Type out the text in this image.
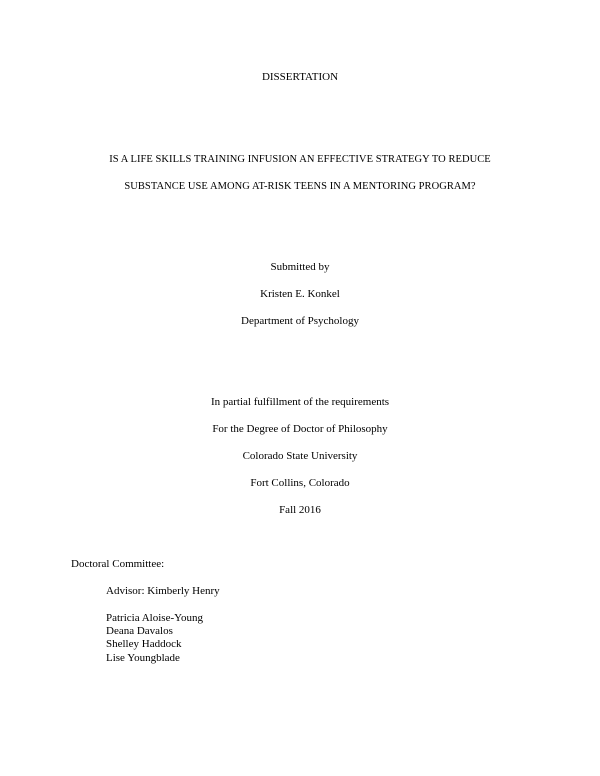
DISSERTATION
IS A LIFE SKILLS TRAINING INFUSION AN EFFECTIVE STRATEGY TO REDUCE
SUBSTANCE USE AMONG AT-RISK TEENS IN A MENTORING PROGRAM?
Submitted by
Kristen E. Konkel
Department of Psychology
In partial fulfillment of the requirements
For the Degree of Doctor of Philosophy
Colorado State University
Fort Collins, Colorado
Fall 2016
Doctoral Committee:
Advisor: Kimberly Henry
Patricia Aloise-Young
Deana Davalos
Shelley Haddock
Lise Youngblade
